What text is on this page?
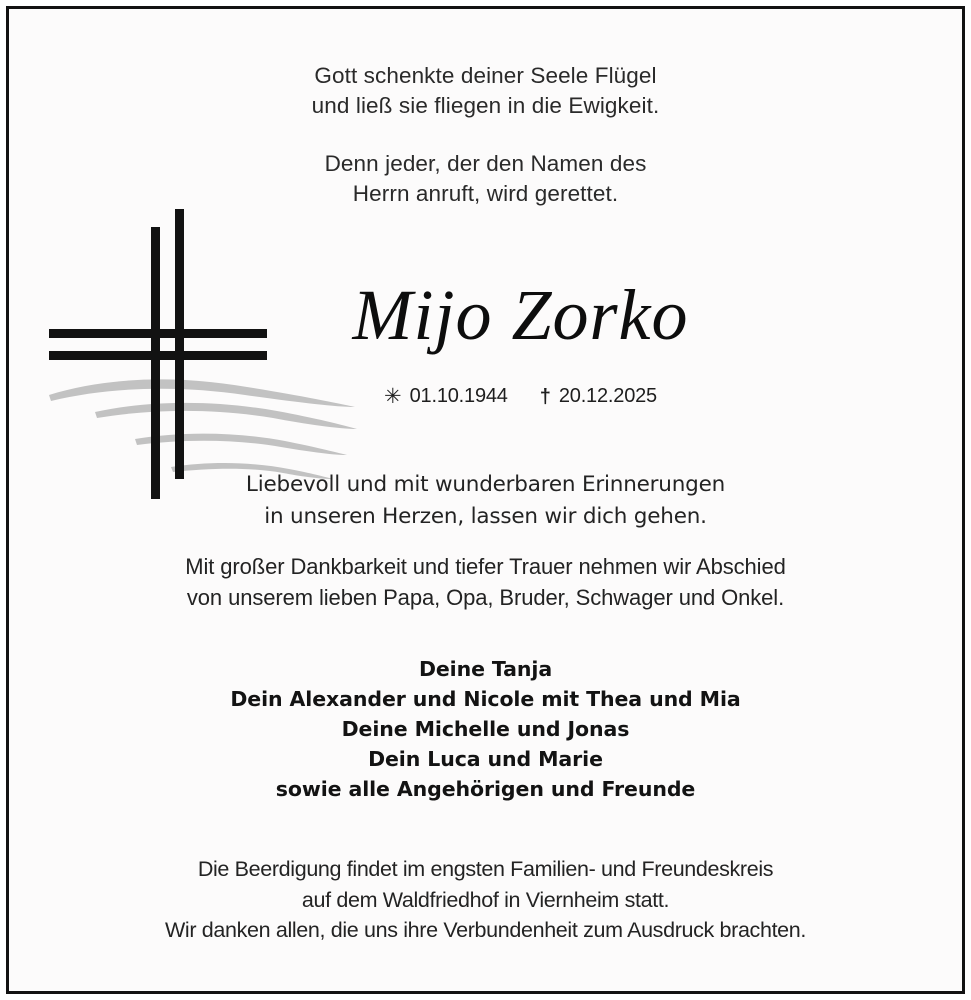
Gott schenkte deiner Seele Flügel
und ließ sie fliegen in die Ewigkeit.
Denn jeder, der den Namen des
Herrn anruft, wird gerettet.
Mijo Zorko
✳ 01.10.1944 † 20.12.2025
Liebevoll und mit wunderbaren Erinnerungen
in unseren Herzen, lassen wir dich gehen.
Mit großer Dankbarkeit und tiefer Trauer nehmen wir Abschied
von unserem lieben Papa, Opa, Bruder, Schwager und Onkel.
Deine Tanja
Dein Alexander und Nicole mit Thea und Mia
Deine Michelle und Jonas
Dein Luca und Marie
sowie alle Angehörigen und Freunde
Die Beerdigung findet im engsten Familien- und Freundeskreis
auf dem Waldfriedhof in Viernheim statt.
Wir danken allen, die uns ihre Verbundenheit zum Ausdruck brachten.
